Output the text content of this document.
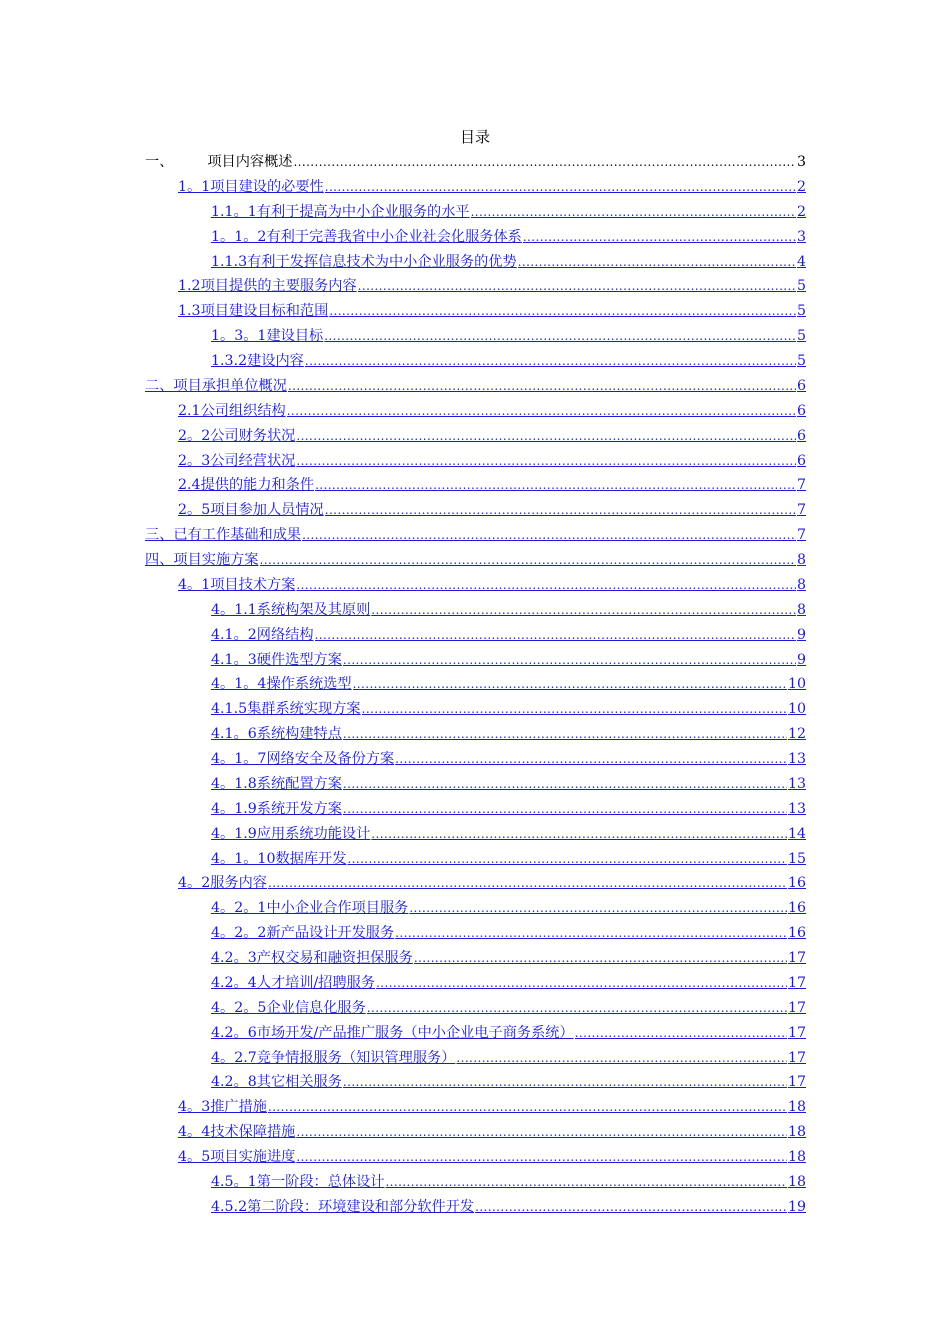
目录
一、 项目内容概述 .....	3
1。1项目建设的必要性 .....	2
1.1。1有利于提高为中小企业服务的水平 .....	2
1。1。2有利于完善我省中小企业社会化服务体系 .....	3
1.1.3有利于发挥信息技术为中小企业服务的优势 .....	4
1.2项目提供的主要服务内容 .....	5
1.3项目建设目标和范围 .....	5
1。3。1建设目标 .....	5
1.3.2建设内容 .....	5
二、项目承担单位概况 .....	6
2.1公司组织结构 .....	6
2。2公司财务状况 .....	6
2。3公司经营状况 .....	6
2.4提供的能力和条件 .....	7
2。5项目参加人员情况 .....	7
三、已有工作基础和成果 .....	7
四、项目实施方案 .....	8
4。1项目技术方案 .....	8
4。1.1系统构架及其原则 .....	8
4.1。2网络结构 .....	9
4.1。3硬件选型方案 .....	9
4。1。4操作系统选型 .....	10
4.1.5集群系统实现方案 .....	10
4.1。6系统构建特点 .....	12
4。1。7网络安全及备份方案 .....	13
4。1.8系统配置方案 .....	13
4。1.9系统开发方案 .....	13
4。1.9应用系统功能设计 .....	14
4。1。10数据库开发 .....	15
4。2服务内容 .....	16
4。2。1中小企业合作项目服务 .....	16
4。2。2新产品设计开发服务 .....	16
4.2。3产权交易和融资担保服务 .....	17
4.2。4人才培训/招聘服务 .....	17
4。2。5企业信息化服务 .....	17
4.2。6市场开发/产品推广服务（中小企业电子商务系统） .....	17
4。2.7竞争情报服务（知识管理服务） .....	17
4.2。8其它相关服务 .....	17
4。3推广措施 .....	18
4。4技术保障措施 .....	18
4。5项目实施进度 .....	18
4.5。1第一阶段：总体设计 .....	18
4.5.2第二阶段：环境建设和部分软件开发 .....	19
